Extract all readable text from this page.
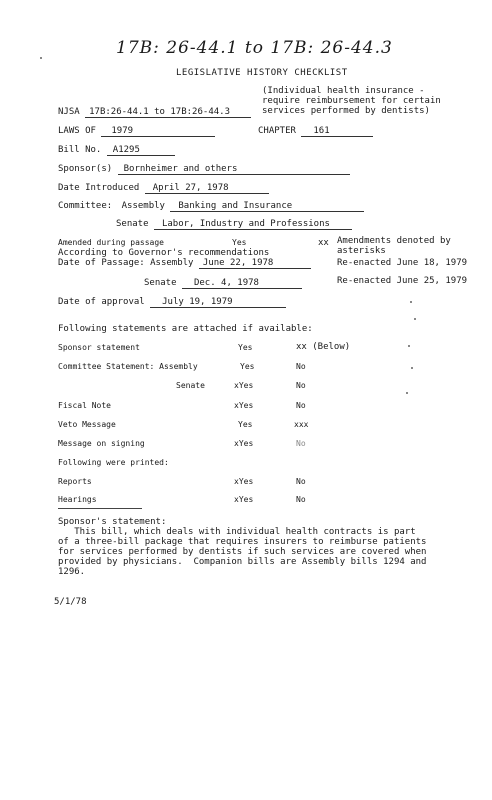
17B: 26-44.1 to 17B: 26-44.3
LEGISLATIVE HISTORY CHECKLIST
(Individual health insurance -
require reimbursement for certain
services performed by dentists)
NJSA 17B:26-44.1 to 17B:26-44.3
LAWS OF 1979	CHAPTER 161
Bill No. A1295
Sponsor(s) Bornheimer and others
Date Introduced April 27, 1978
Committee: Assembly Banking and Insurance
Senate Labor, Industry and Professions
Amended during passage	Yes	xx Amendments denoted by
asterisks
According to Governor's recommendations
Date of Passage: Assembly June 22, 1978	Re-enacted June 18, 1979
Senate Dec. 4, 1978	Re-enacted June 25, 1979
Date of approval July 19, 1979
Following statements are attached if available:
Sponsor statement	Yes	xx (Below)
Committee Statement: Assembly	Yes	No
Senate	xYes	No
Fiscal Note	xYes	No
Veto Message	Yes	xxx
Message on signing	xYes	No
Following were printed:
Reports	xYes	No
Hearings	xYes	No
Sponsor's statement:
This bill, which deals with individual health contracts is part
of a three-bill package that requires insurers to reimburse patients
for services performed by dentists if such services are covered when
provided by physicians.  Companion bills are Assembly bills 1294 and
1296.
5/1/78
